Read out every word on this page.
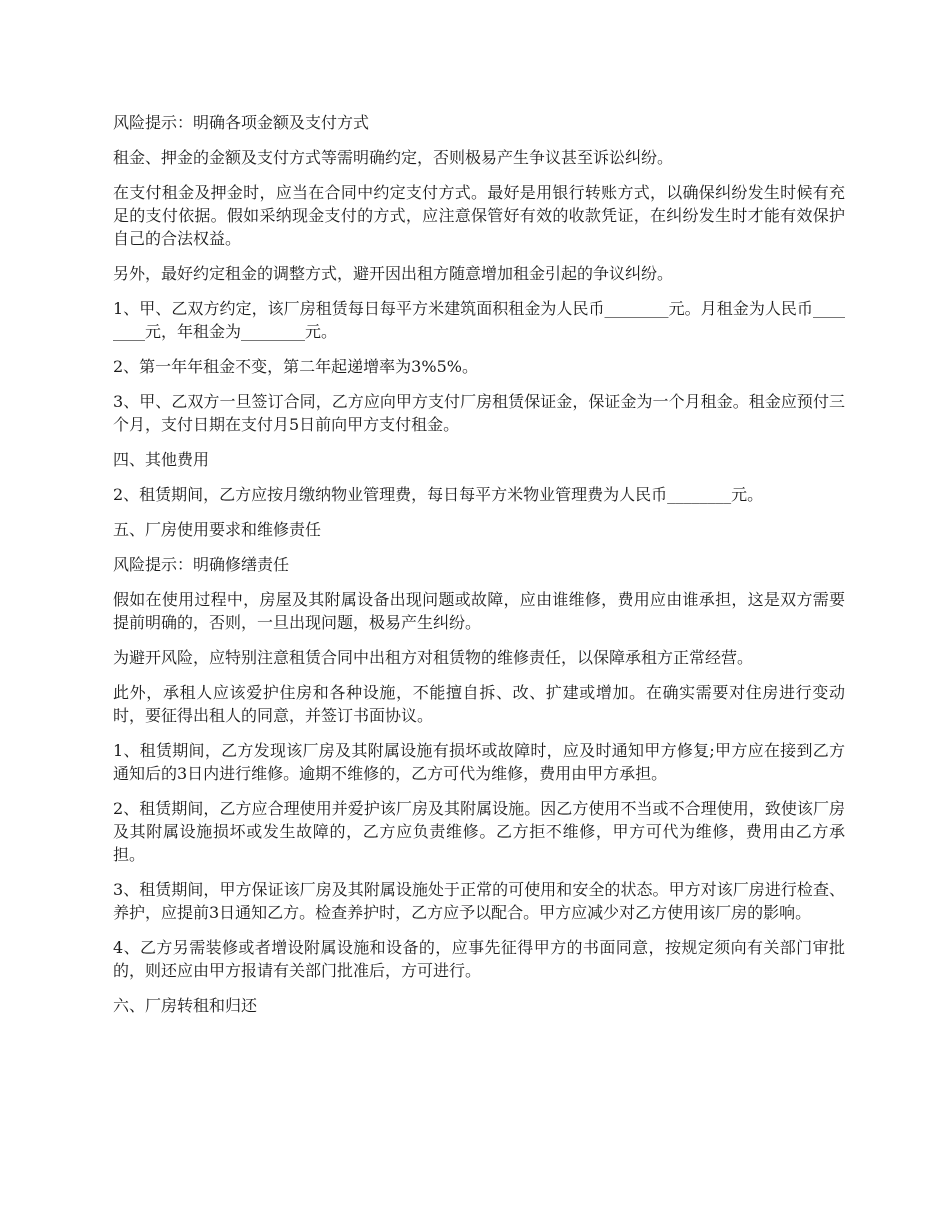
风险提示：明确各项金额及支付方式

租金、押金的金额及支付方式等需明确约定，否则极易产生争议甚至诉讼纠纷。

在支付租金及押金时，应当在合同中约定支付方式。最好是用银行转账方式，以确保纠纷发生时候有充足的支付依据。假如采纳现金支付的方式，应注意保管好有效的收款凭证，在纠纷发生时才能有效保护自己的合法权益。

另外，最好约定租金的调整方式，避开因出租方随意增加租金引起的争议纠纷。

1、甲、乙双方约定，该厂房租赁每日每平方米建筑面积租金为人民币________元。月租金为人民币________元，年租金为________元。

2、第一年年租金不变，第二年起递增率为3%5%。

3、甲、乙双方一旦签订合同，乙方应向甲方支付厂房租赁保证金，保证金为一个月租金。租金应预付三个月，支付日期在支付月5日前向甲方支付租金。

四、其他费用

2、租赁期间，乙方应按月缴纳物业管理费，每日每平方米物业管理费为人民币________元。

五、厂房使用要求和维修责任

风险提示：明确修缮责任

假如在使用过程中，房屋及其附属设备出现问题或故障，应由谁维修，费用应由谁承担，这是双方需要提前明确的，否则，一旦出现问题，极易产生纠纷。

为避开风险，应特别注意租赁合同中出租方对租赁物的维修责任，以保障承租方正常经营。

此外，承租人应该爱护住房和各种设施，不能擅自拆、改、扩建或增加。在确实需要对住房进行变动时，要征得出租人的同意，并签订书面协议。

1、租赁期间，乙方发现该厂房及其附属设施有损坏或故障时，应及时通知甲方修复;甲方应在接到乙方通知后的3日内进行维修。逾期不维修的，乙方可代为维修，费用由甲方承担。

2、租赁期间，乙方应合理使用并爱护该厂房及其附属设施。因乙方使用不当或不合理使用，致使该厂房及其附属设施损坏或发生故障的，乙方应负责维修。乙方拒不维修，甲方可代为维修，费用由乙方承担。

3、租赁期间，甲方保证该厂房及其附属设施处于正常的可使用和安全的状态。甲方对该厂房进行检查、养护，应提前3日通知乙方。检查养护时，乙方应予以配合。甲方应减少对乙方使用该厂房的影响。

4、乙方另需装修或者增设附属设施和设备的，应事先征得甲方的书面同意，按规定须向有关部门审批的，则还应由甲方报请有关部门批准后，方可进行。

六、厂房转租和归还
